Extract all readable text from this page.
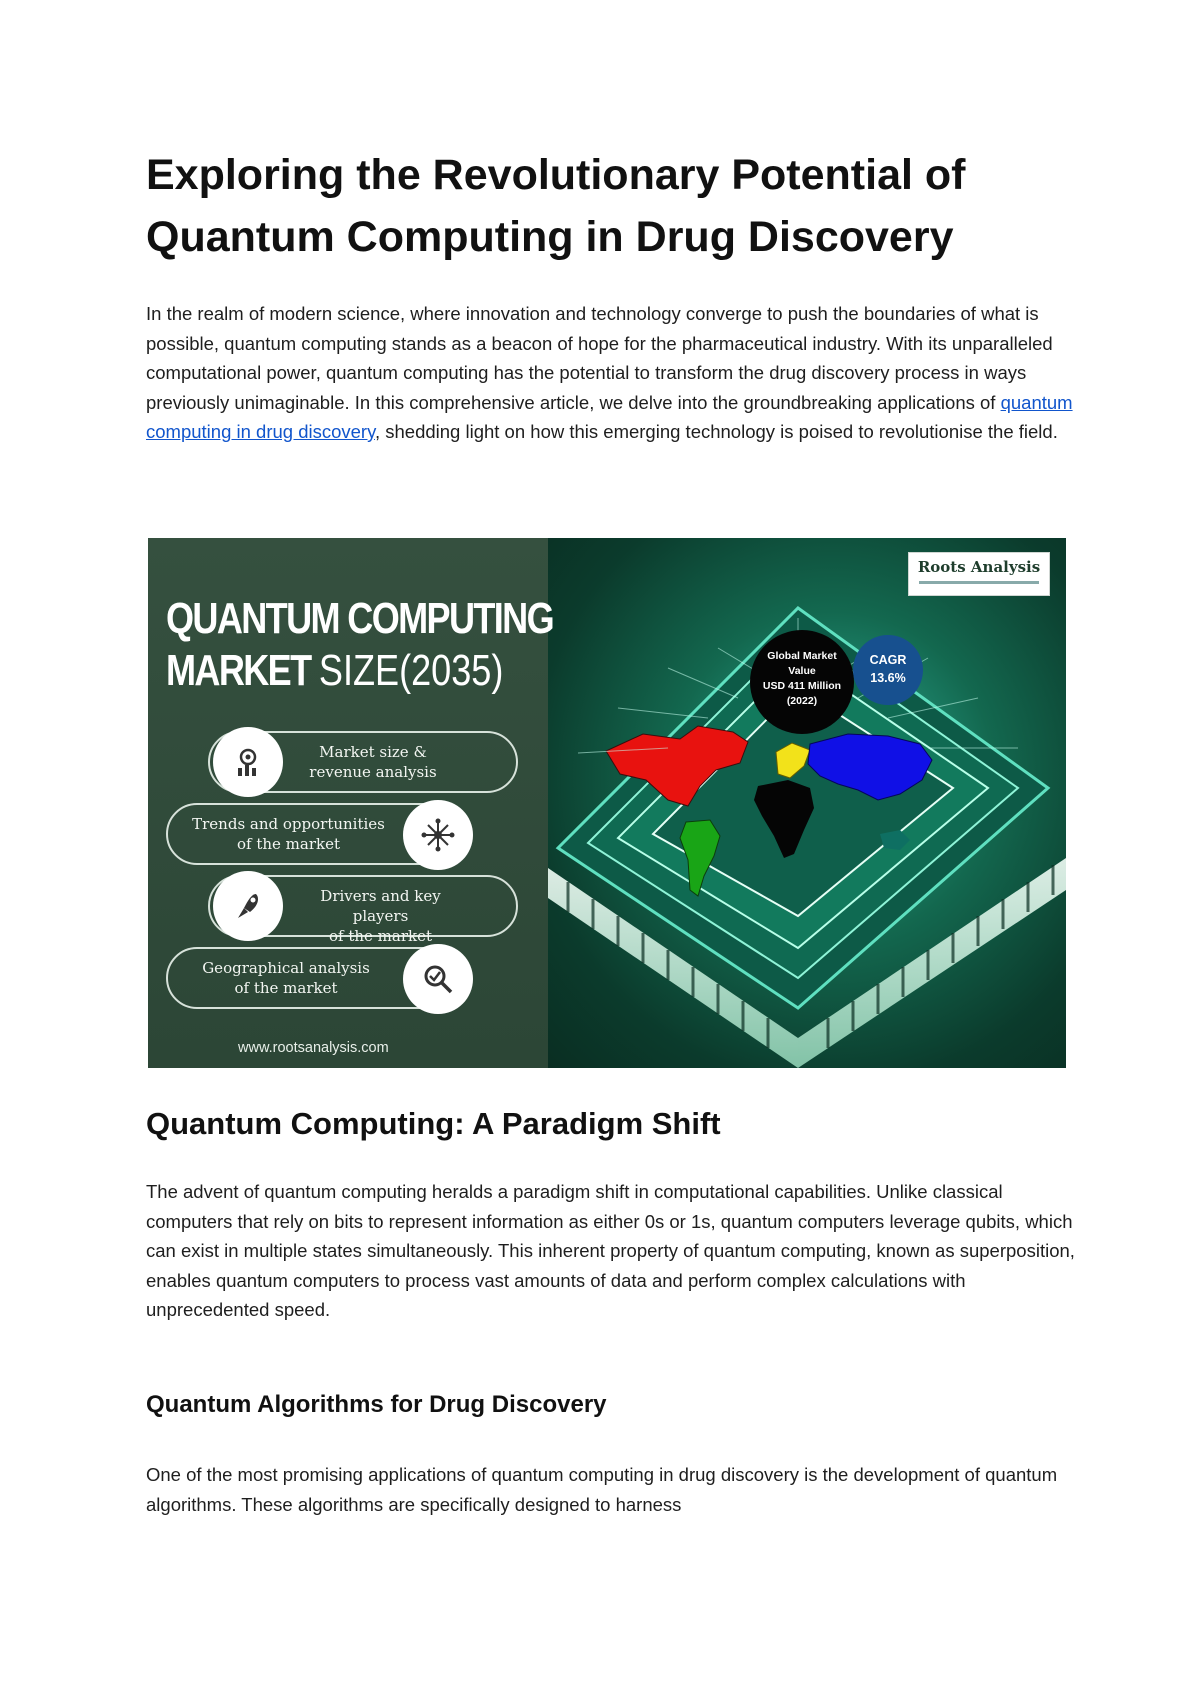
Exploring the Revolutionary Potential of Quantum Computing in Drug Discovery

In the realm of modern science, where innovation and technology converge to push the boundaries of what is possible, quantum computing stands as a beacon of hope for the pharmaceutical industry. With its unparalleled computational power, quantum computing has the potential to transform the drug discovery process in ways previously unimaginable. In this comprehensive article, we delve into the groundbreaking applications of quantum computing in drug discovery, shedding light on how this emerging technology is poised to revolutionise the field.

QUANTUM COMPUTING
MARKET SIZE(2035)
Market size &
revenue analysis
Trends and opportunities
of the market
Drivers and key players
of the market
Geographical analysis
of the market
www.rootsanalysis.com
Roots Analysis
Global Market
Value
USD 411 Million
(2022)
CAGR
13.6%
Quantum Computing: A Paradigm Shift

The advent of quantum computing heralds a paradigm shift in computational capabilities. Unlike classical computers that rely on bits to represent information as either 0s or 1s, quantum computers leverage qubits, which can exist in multiple states simultaneously. This inherent property of quantum computing, known as superposition, enables quantum computers to process vast amounts of data and perform complex calculations with unprecedented speed.

Quantum Algorithms for Drug Discovery

One of the most promising applications of quantum computing in drug discovery is the development of quantum algorithms. These algorithms are specifically designed to harness
